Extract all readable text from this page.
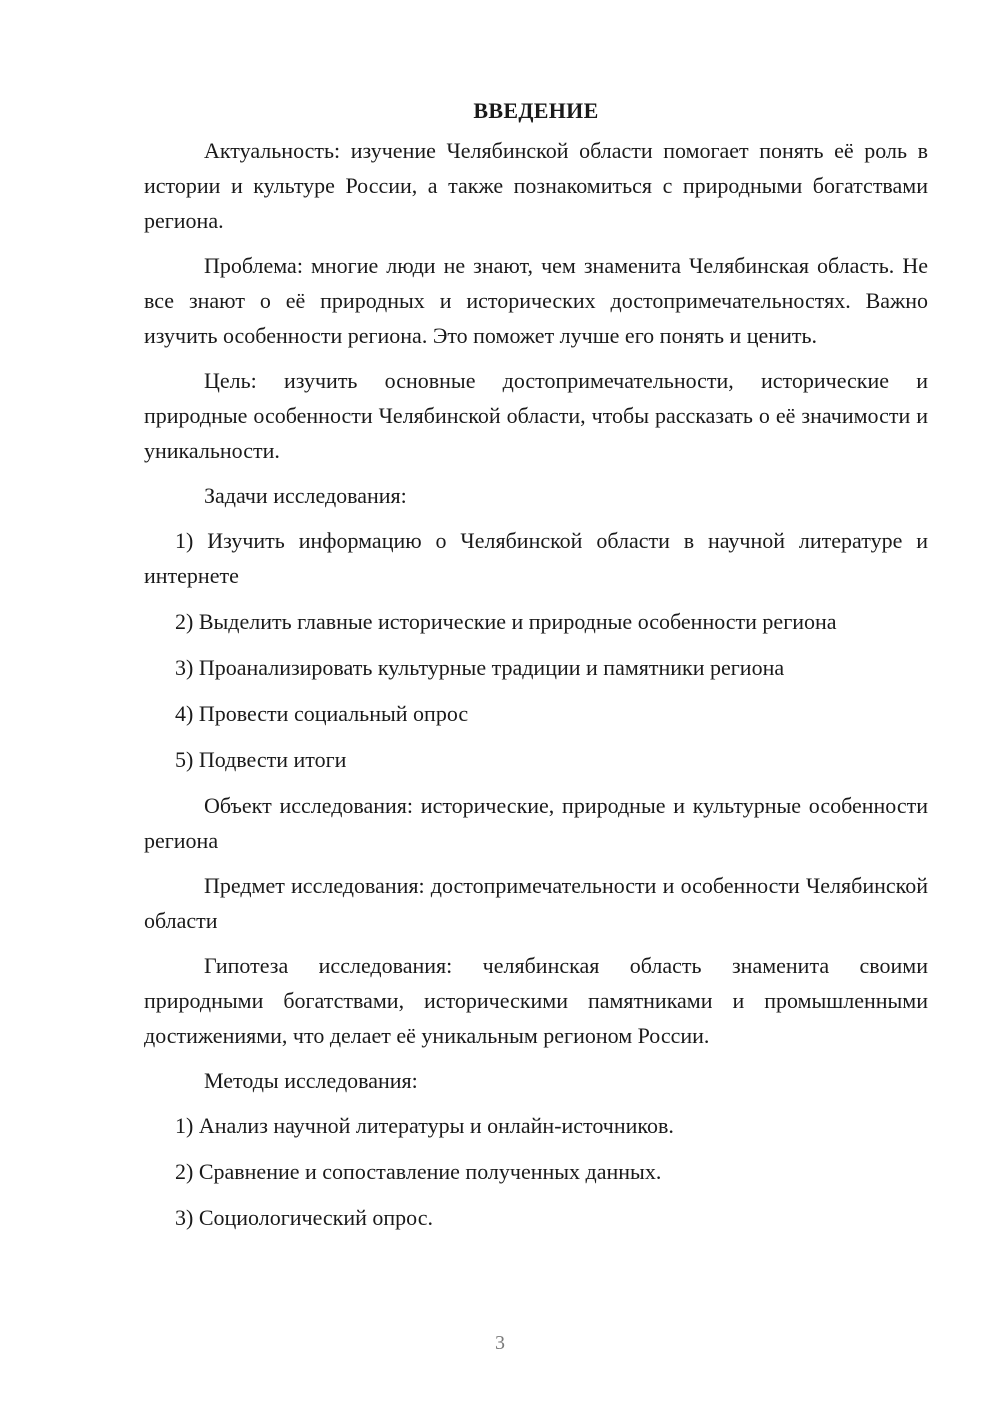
ВВЕДЕНИЕ

Актуальность: изучение Челябинской области помогает понять её роль в истории и культуре России, а также познакомиться с природными богатствами региона.

Проблема: многие люди не знают, чем знаменита Челябинская область. Не все знают о её природных и исторических достопримечательностях. Важно изучить особенности региона. Это поможет лучше его понять и ценить.

Цель: изучить основные достопримечательности, исторические и природные особенности Челябинской области, чтобы рассказать о её значимости и уникальности.

Задачи исследования:

1) Изучить информацию о Челябинской области в научной литературе и интернете

2) Выделить главные исторические и природные особенности региона

3) Проанализировать культурные традиции и памятники региона

4) Провести социальный опрос

5) Подвести итоги

Объект исследования: исторические, природные и культурные особенности региона

Предмет исследования: достопримечательности и особенности Челябинской области

Гипотеза исследования: челябинская область знаменита своими природными богатствами, историческими памятниками и промышленными достижениями, что делает её уникальным регионом России.

Методы исследования:

1) Анализ научной литературы и онлайн-источников.

2) Сравнение и сопоставление полученных данных.

3) Социологический опрос.

3
